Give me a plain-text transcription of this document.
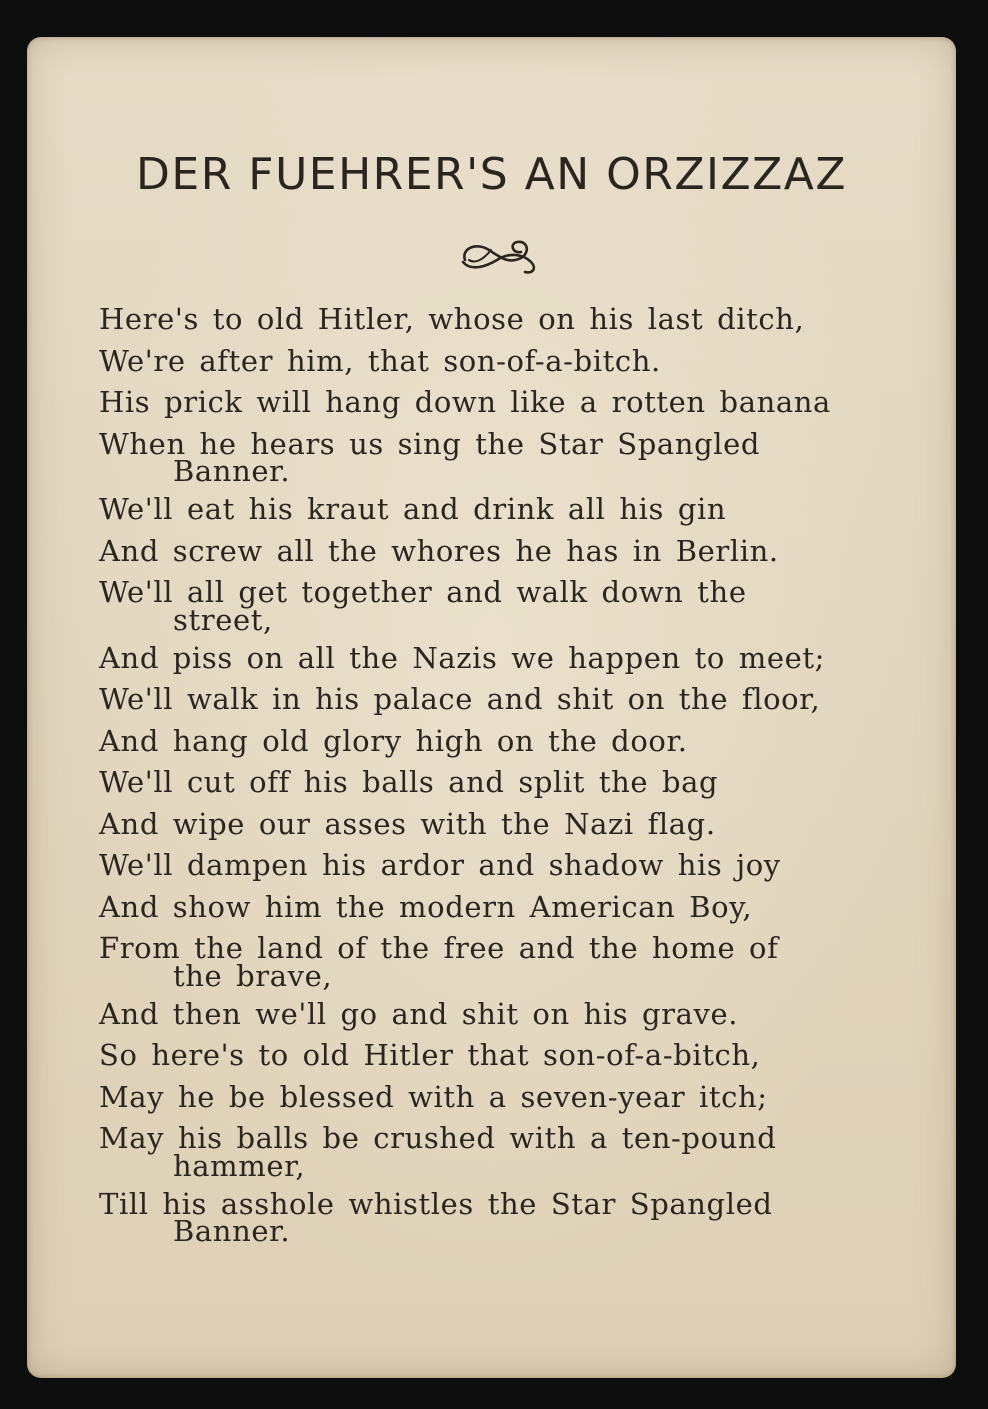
DER FUEHRER'S AN ORZIZZAZ
Here's to old Hitler, whose on his last ditch,
We're after him, that son-of-a-bitch.
His prick will hang down like a rotten banana
When he hears us sing the Star Spangled
Banner.
We'll eat his kraut and drink all his gin
And screw all the whores he has in Berlin.
We'll all get together and walk down the
street,
And piss on all the Nazis we happen to meet;
We'll walk in his palace and shit on the floor,
And hang old glory high on the door.
We'll cut off his balls and split the bag
And wipe our asses with the Nazi flag.
We'll dampen his ardor and shadow his joy
And show him the modern American Boy,
From the land of the free and the home of
the brave,
And then we'll go and shit on his grave.
So here's to old Hitler that son-of-a-bitch,
May he be blessed with a seven-year itch;
May his balls be crushed with a ten-pound
hammer,
Till his asshole whistles the Star Spangled
Banner.
